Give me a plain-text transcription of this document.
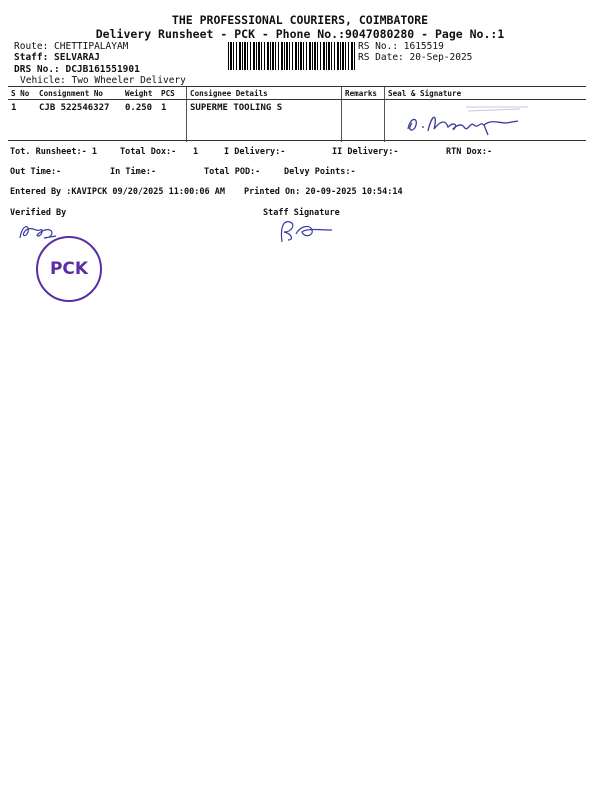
THE PROFESSIONAL COURIERS, COIMBATORE
Delivery Runsheet - PCK - Phone No.:9047080280 - Page No.:1
Route: CHETTIPALAYAM
Staff: SELVARAJ
DRS No.: DCJB161551901
Vehicle: Two Wheeler Delivery
RS No.: 1615519
RS Date: 20-Sep-2025
S No	Consignment No	Weight	PCS	Consignee Details	Remarks	Seal & Signature
1	CJB 522546327	0.250	1	SUPERME TOOLING S		
Tot. Runsheet:- 1	Total Dox:- 1	I Delivery:-	II Delivery:-	RTN Dox:-
Out Time:-	In Time:-	Total POD:-	Delvy Points:-
Entered By :KAVIPCK 09/20/2025 11:00:06 AM Printed On: 20-09-2025 10:54:14
Verified By	Staff Signature
PCK
